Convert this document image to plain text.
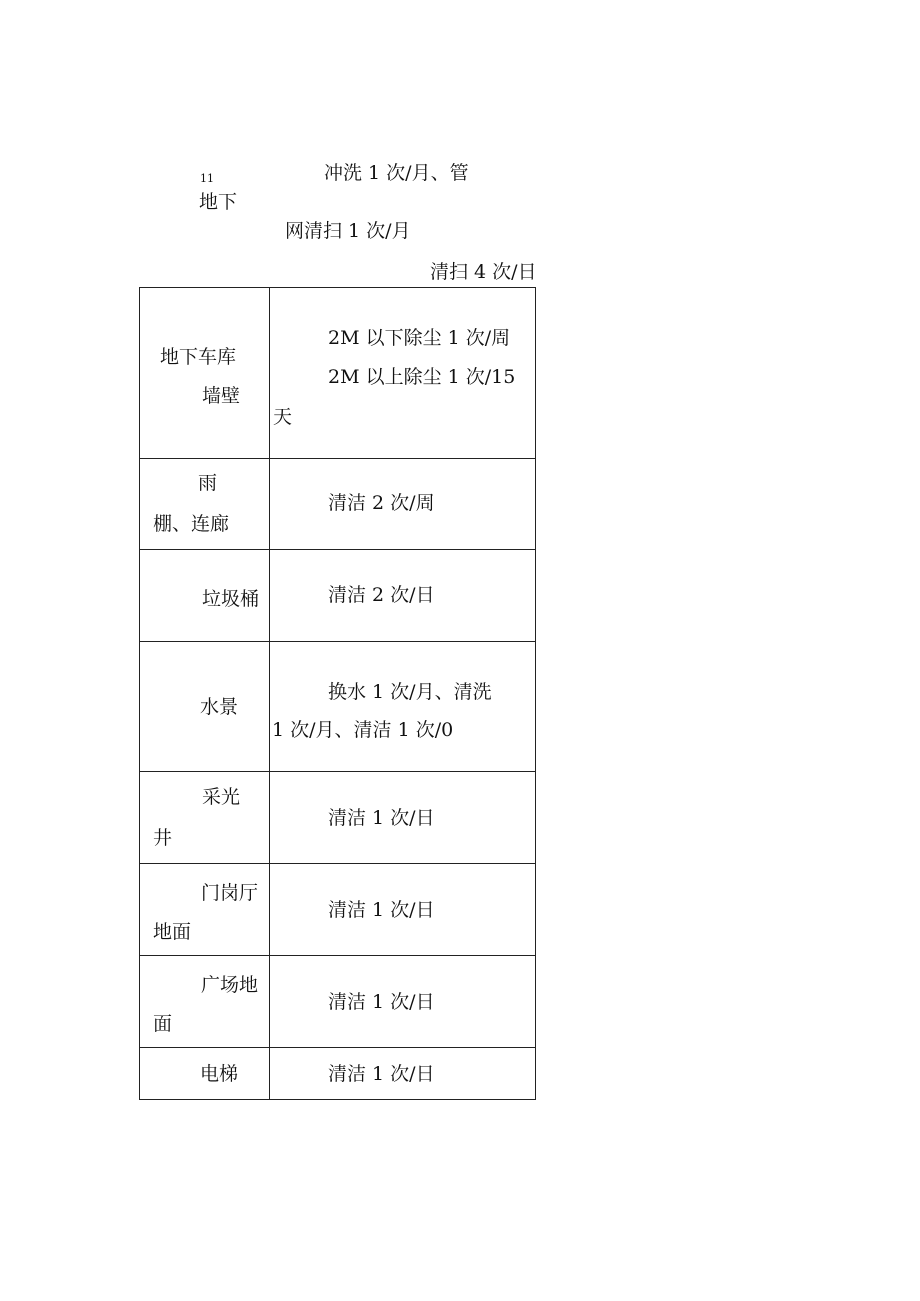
11
地下
冲洗 1 次/月、管
网清扫 1 次/月
清扫 4 次/日
地下车库
墙壁	2M 以下除尘 1 次/周
2M 以上除尘 1 次/15
天

雨
棚、连廊	清洁 2 次/周

垃圾桶	清洁 2 次/日

水景	换水 1 次/月、清洗
1 次/月、清洁 1 次/0

采光
井	清洁 1 次/日

门岗厅
地面	清洁 1 次/日

广场地
面	清洁 1 次/日

电梯	清洁 1 次/日
